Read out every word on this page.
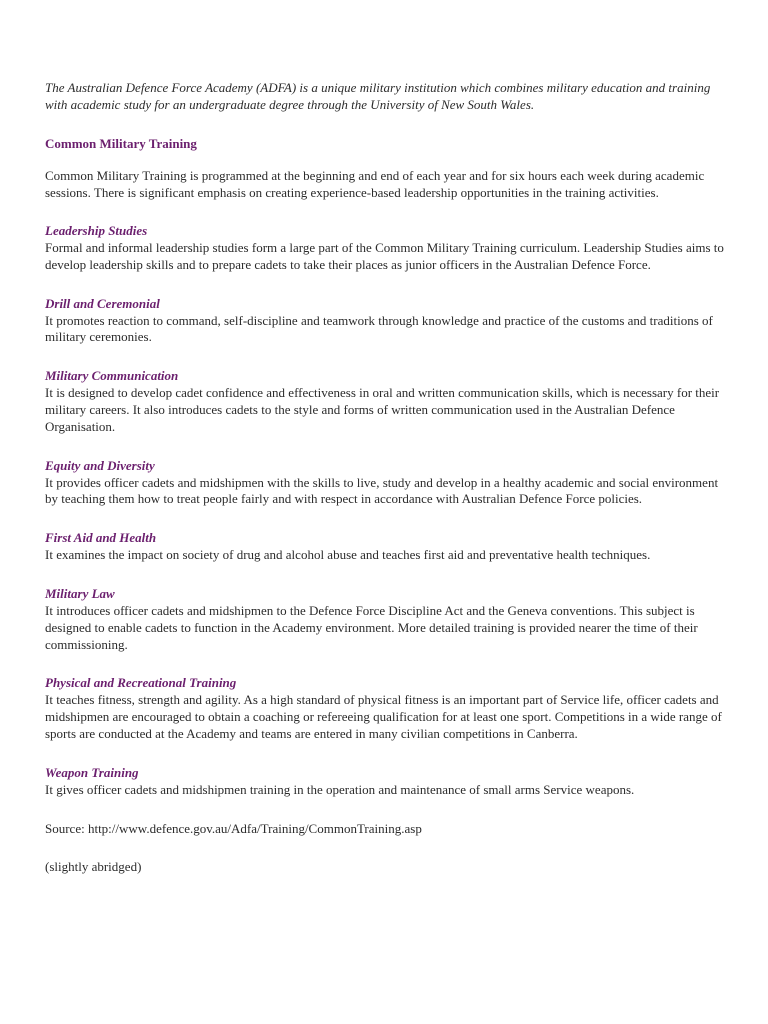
The Australian Defence Force Academy (ADFA) is a unique military institution which combines military education and training with academic study for an undergraduate degree through the University of New South Wales.

Common Military Training

Common Military Training is programmed at the beginning and end of each year and for six hours each week during academic sessions. There is significant emphasis on creating experience-based leadership opportunities in the training activities.

Leadership Studies

Formal and informal leadership studies form a large part of the Common Military Training curriculum. Leadership Studies aims to develop leadership skills and to prepare cadets to take their places as junior officers in the Australian Defence Force.

Drill and Ceremonial

It promotes reaction to command, self-discipline and teamwork through knowledge and practice of the customs and traditions of military ceremonies.

Military Communication

It is designed to develop cadet confidence and effectiveness in oral and written communication skills, which is necessary for their military careers. It also introduces cadets to the style and forms of written communication used in the Australian Defence Organisation.

Equity and Diversity

It provides officer cadets and midshipmen with the skills to live, study and develop in a healthy academic and social environment by teaching them how to treat people fairly and with respect in accordance with Australian Defence Force policies.

First Aid and Health

It examines the impact on society of drug and alcohol abuse and teaches first aid and preventative health techniques.

Military Law

It introduces officer cadets and midshipmen to the Defence Force Discipline Act and the Geneva conventions. This subject is designed to enable cadets to function in the Academy environment. More detailed training is provided nearer the time of their commissioning.

Physical and Recreational Training

It teaches fitness, strength and agility. As a high standard of physical fitness is an important part of Service life, officer cadets and midshipmen are encouraged to obtain a coaching or refereeing qualification for at least one sport. Competitions in a wide range of sports are conducted at the Academy and teams are entered in many civilian competitions in Canberra.

Weapon Training

It gives officer cadets and midshipmen training in the operation and maintenance of small arms Service weapons.

Source: http://www.defence.gov.au/Adfa/Training/CommonTraining.asp

(slightly abridged)
